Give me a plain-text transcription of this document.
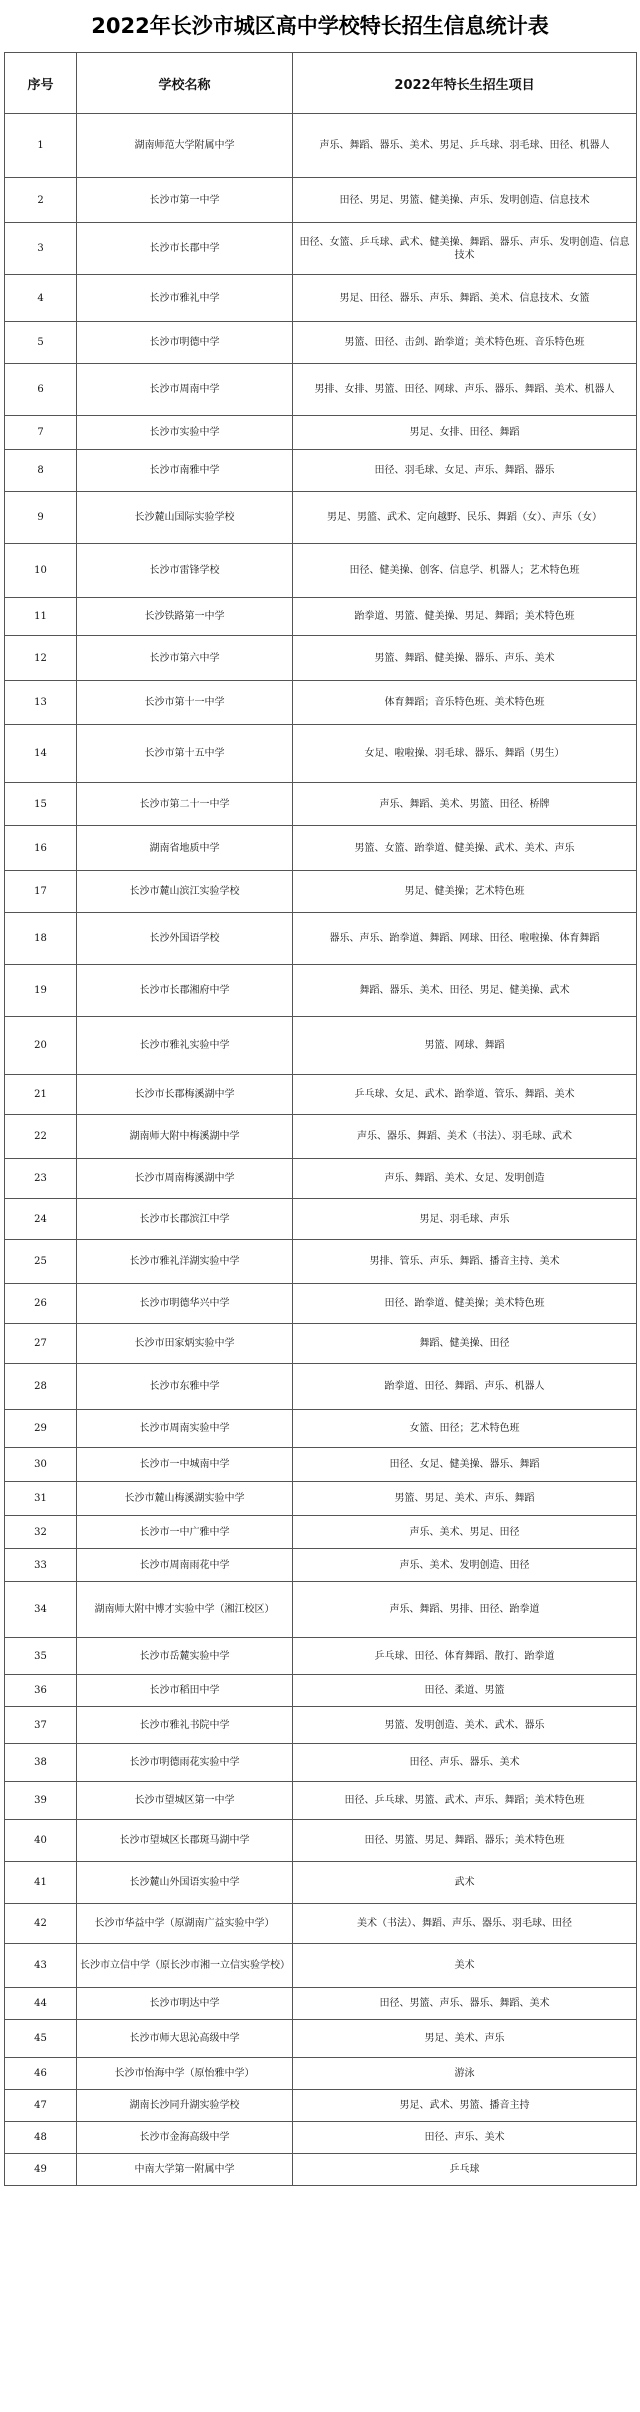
2022年长沙市城区高中学校特长招生信息统计表
序号	学校名称	2022年特长生招生项目
1	湖南师范大学附属中学	声乐、舞蹈、器乐、美术、男足、乒乓球、羽毛球、田径、机器人
2	长沙市第一中学	田径、男足、男篮、健美操、声乐、发明创造、信息技术
3	长沙市长郡中学	田径、女篮、乒乓球、武术、健美操、舞蹈、器乐、声乐、发明创造、信息技术
4	长沙市雅礼中学	男足、田径、器乐、声乐、舞蹈、美术、信息技术、女篮
5	长沙市明德中学	男篮、田径、击剑、跆拳道；美术特色班、音乐特色班
6	长沙市周南中学	男排、女排、男篮、田径、网球、声乐、器乐、舞蹈、美术、机器人
7	长沙市实验中学	男足、女排、田径、舞蹈
8	长沙市南雅中学	田径、羽毛球、女足、声乐、舞蹈、器乐
9	长沙麓山国际实验学校	男足、男篮、武术、定向越野、民乐、舞蹈（女）、声乐（女）
10	长沙市雷锋学校	田径、健美操、创客、信息学、机器人；艺术特色班
11	长沙铁路第一中学	跆拳道、男篮、健美操、男足、舞蹈；美术特色班
12	长沙市第六中学	男篮、舞蹈、健美操、器乐、声乐、美术
13	长沙市第十一中学	体育舞蹈；音乐特色班、美术特色班
14	长沙市第十五中学	女足、啦啦操、羽毛球、器乐、舞蹈（男生）
15	长沙市第二十一中学	声乐、舞蹈、美术、男篮、田径、桥牌
16	湖南省地质中学	男篮、女篮、跆拳道、健美操、武术、美术、声乐
17	长沙市麓山滨江实验学校	男足、健美操；艺术特色班
18	长沙外国语学校	器乐、声乐、跆拳道、舞蹈、网球、田径、啦啦操、体育舞蹈
19	长沙市长郡湘府中学	舞蹈、器乐、美术、田径、男足、健美操、武术
20	长沙市雅礼实验中学	男篮、网球、舞蹈
21	长沙市长郡梅溪湖中学	乒乓球、女足、武术、跆拳道、管乐、舞蹈、美术
22	湖南师大附中梅溪湖中学	声乐、器乐、舞蹈、美术（书法）、羽毛球、武术
23	长沙市周南梅溪湖中学	声乐、舞蹈、美术、女足、发明创造
24	长沙市长郡滨江中学	男足、羽毛球、声乐
25	长沙市雅礼洋湖实验中学	男排、管乐、声乐、舞蹈、播音主持、美术
26	长沙市明德华兴中学	田径、跆拳道、健美操；美术特色班
27	长沙市田家炳实验中学	舞蹈、健美操、田径
28	长沙市东雅中学	跆拳道、田径、舞蹈、声乐、机器人
29	长沙市周南实验中学	女篮、田径；艺术特色班
30	长沙市一中城南中学	田径、女足、健美操、器乐、舞蹈
31	长沙市麓山梅溪湖实验中学	男篮、男足、美术、声乐、舞蹈
32	长沙市一中广雅中学	声乐、美术、男足、田径
33	长沙市周南雨花中学	声乐、美术、发明创造、田径
34	湖南师大附中博才实验中学（湘江校区）	声乐、舞蹈、男排、田径、跆拳道
35	长沙市岳麓实验中学	乒乓球、田径、体育舞蹈、散打、跆拳道
36	长沙市稻田中学	田径、柔道、男篮
37	长沙市雅礼书院中学	男篮、发明创造、美术、武术、器乐
38	长沙市明德雨花实验中学	田径、声乐、器乐、美术
39	长沙市望城区第一中学	田径、乒乓球、男篮、武术、声乐、舞蹈；美术特色班
40	长沙市望城区长郡斑马湖中学	田径、男篮、男足、舞蹈、器乐；美术特色班
41	长沙麓山外国语实验中学	武术
42	长沙市华益中学（原湖南广益实验中学）	美术（书法）、舞蹈、声乐、器乐、羽毛球、田径
43	长沙市立信中学（原长沙市湘一立信实验学校）	美术
44	长沙市明达中学	田径、男篮、声乐、器乐、舞蹈、美术
45	长沙市师大思沁高级中学	男足、美术、声乐
46	长沙市怡海中学（原怡雅中学）	游泳
47	湖南长沙同升湖实验学校	男足、武术、男篮、播音主持
48	长沙市金海高级中学	田径、声乐、美术
49	中南大学第一附属中学	乒乓球
